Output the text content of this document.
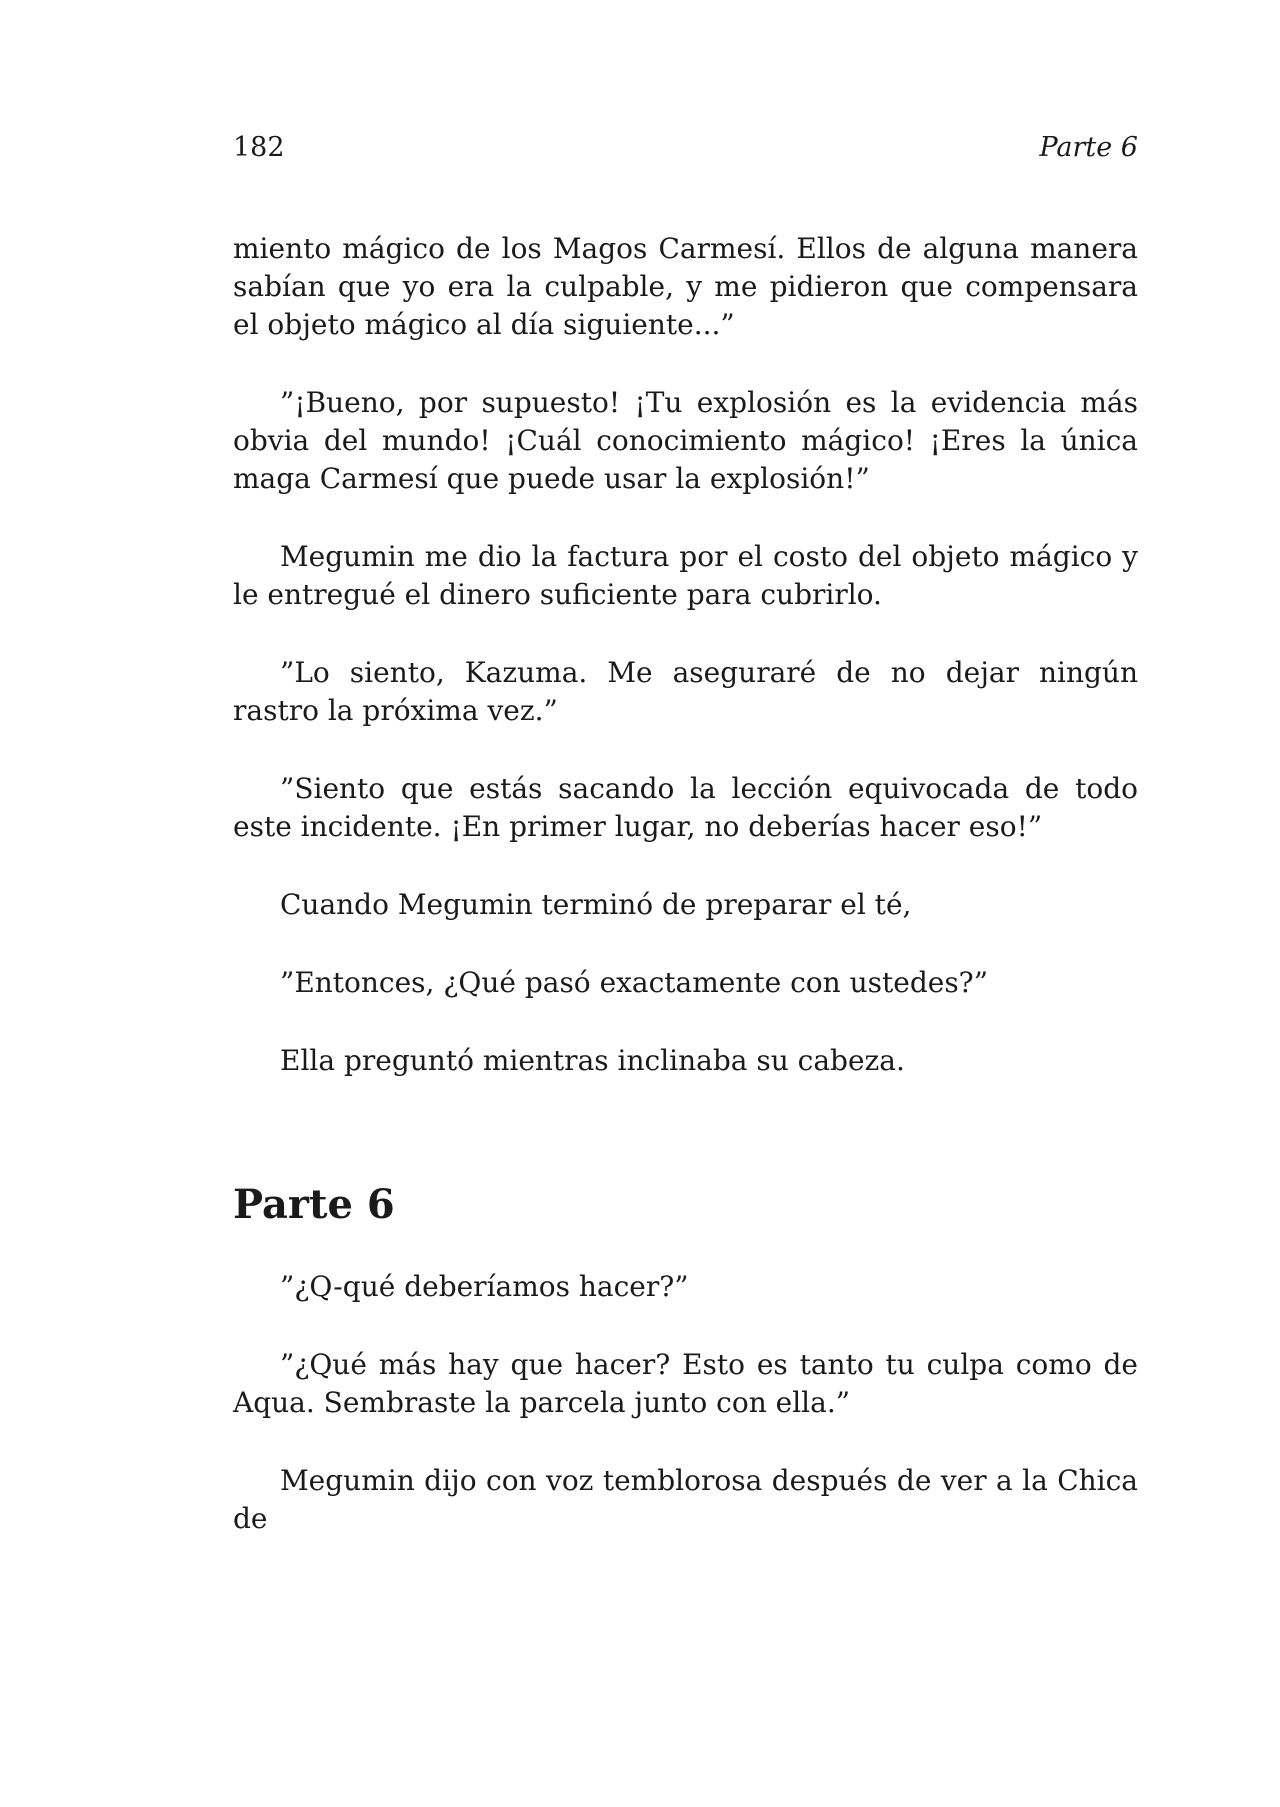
182	Parte 6

miento mágico de los Magos Carmesí. Ellos de alguna manera sabían que yo era la culpable, y me pidieron que compensara el objeto mágico al día siguiente...”

”¡Bueno, por supuesto! ¡Tu explosión es la evidencia más obvia del mundo! ¡Cuál conocimiento mágico! ¡Eres la única maga Carmesí que puede usar la explosión!”

Megumin me dio la factura por el costo del objeto mágico y le entregué el dinero suficiente para cubrirlo.

”Lo siento, Kazuma. Me aseguraré de no dejar ningún rastro la próxima vez.”

”Siento que estás sacando la lección equivocada de todo este incidente. ¡En primer lugar, no deberías hacer eso!”

Cuando Megumin terminó de preparar el té,

”Entonces, ¿Qué pasó exactamente con ustedes?”

Ella preguntó mientras inclinaba su cabeza.

Parte 6

”¿Q-qué deberíamos hacer?”

”¿Qué más hay que hacer? Esto es tanto tu culpa como de Aqua. Sembraste la parcela junto con ella.”

Megumin dijo con voz temblorosa después de ver a la Chica de
